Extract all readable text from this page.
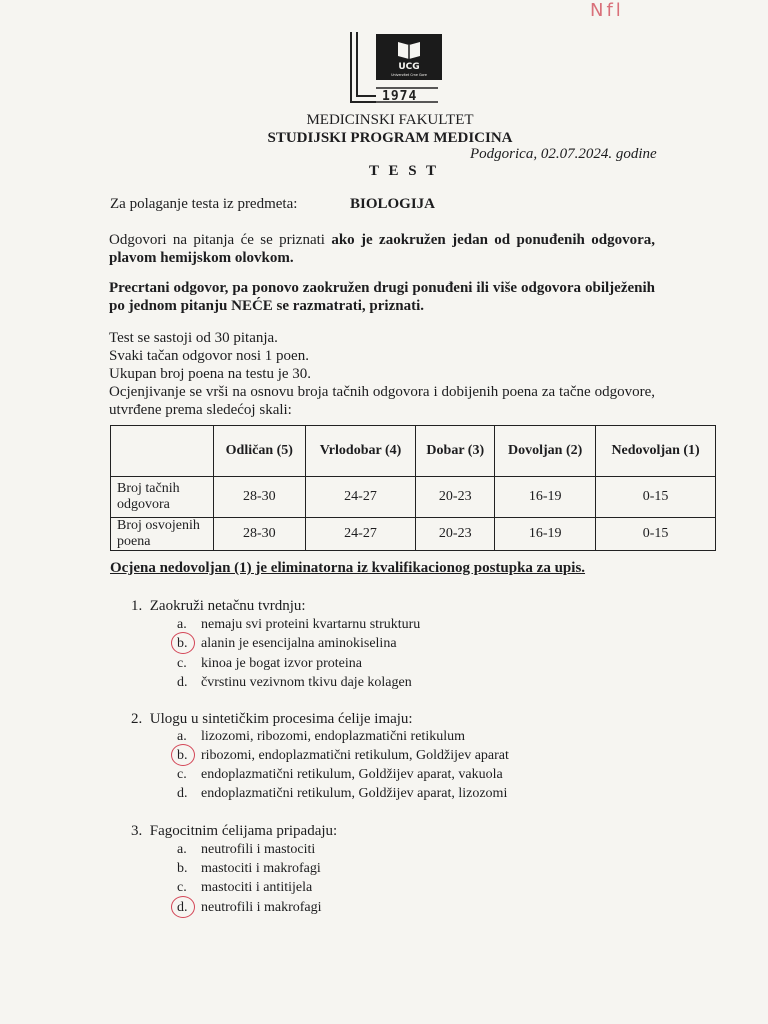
Nfl
UCG
Univerzitet Crne Gore
1974
MEDICINSKI FAKULTET
STUDIJSKI PROGRAM MEDICINA
Podgorica, 02.07.2024. godine
T E S T
Za polaganje testa iz predmeta:	BIOLOGIJA
Odgovori na pitanja će se priznati ako je zaokružen jedan od ponuđenih odgovora, plavom hemijskom olovkom.
Precrtani odgovor, pa ponovo zaokružen drugi ponuđeni ili više odgovora obilježenih po jednom pitanju NEĆE se razmatrati, priznati.
Test se sastoji od 30 pitanja.
Svaki tačan odgovor nosi 1 poen.
Ukupan broj poena na testu je 30.
Ocjenjivanje se vrši na osnovu broja tačnih odgovora i dobijenih poena za tačne odgovore, utvrđene prema sledećoj skali:
	Odličan (5)	Vrlodobar (4)	Dobar (3)	Dovoljan (2)	Nedovoljan (1)
Broj tačnih odgovora	28-30	24-27	20-23	16-19	0-15
Broj osvojenih poena	28-30	24-27	20-23	16-19	0-15
Ocjena nedovoljan (1) je eliminatorna iz kvalifikacionog postupka za upis.
1. Zaokruži netačnu tvrdnju:
a. nemaju svi proteini kvartarnu strukturu
b. alanin je esencijalna aminokiselina
c. kinoa je bogat izvor proteina
d. čvrstinu vezivnom tkivu daje kolagen
2. Ulogu u sintetičkim procesima ćelije imaju:
a. lizozomi, ribozomi, endoplazmatični retikulum
b. ribozomi, endoplazmatični retikulum, Goldžijev aparat
c. endoplazmatični retikulum, Goldžijev aparat, vakuola
d. endoplazmatični retikulum, Goldžijev aparat, lizozomi
3. Fagocitnim ćelijama pripadaju:
a. neutrofili i mastociti
b. mastociti i makrofagi
c. mastociti i antitijela
d. neutrofili i makrofagi
